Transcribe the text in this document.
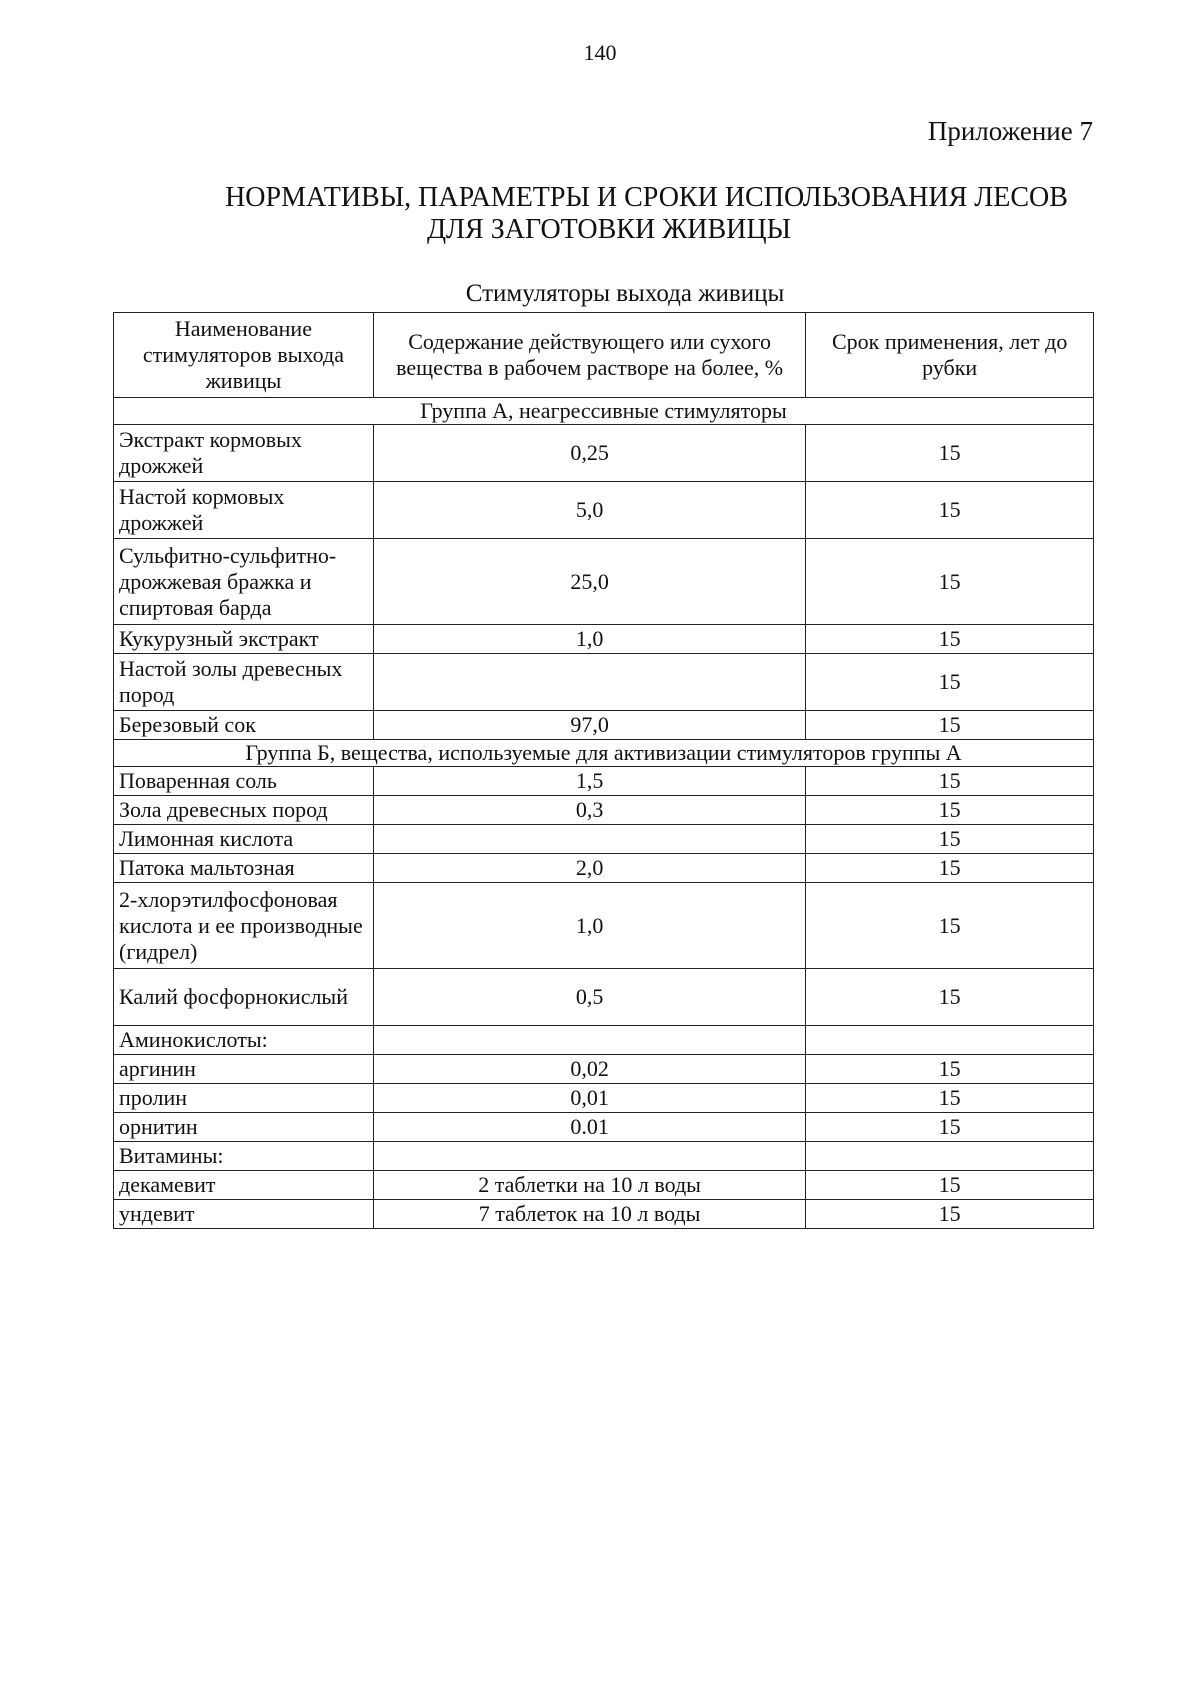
140
Приложение 7
НОРМАТИВЫ, ПАРАМЕТРЫ И СРОКИ ИСПОЛЬЗОВАНИЯ ЛЕСОВ
ДЛЯ ЗАГОТОВКИ ЖИВИЦЫ
Стимуляторы выхода живицы
Наименование стимуляторов выхода живицы	Содержание действующего или сухого вещества в рабочем растворе на более, %	Срок применения, лет до рубки
Группа А, неагрессивные стимуляторы		
Экстракт кормовых дрожжей	0,25	15
Настой кормовых дрожжей	5,0	15
Сульфитно-сульфитно-дрожжевая бражка и спиртовая барда	25,0	15
Кукурузный экстракт	1,0	15
Настой золы древесных пород		15
Березовый сок	97,0	15
Группа Б, вещества, используемые для активизации стимуляторов группы А		
Поваренная соль	1,5	15
Зола древесных пород	0,3	15
Лимонная кислота		15
Патока мальтозная	2,0	15
2-хлорэтилфосфоновая кислота и ее производные (гидрел)	1,0	15
Калий фосфорнокислый	0,5	15
Аминокислоты:		
аргинин	0,02	15
пролин	0,01	15
орнитин	0.01	15
Витамины:		
декамевит	2 таблетки на 10 л воды	15
ундевит	7 таблеток на 10 л воды	15
